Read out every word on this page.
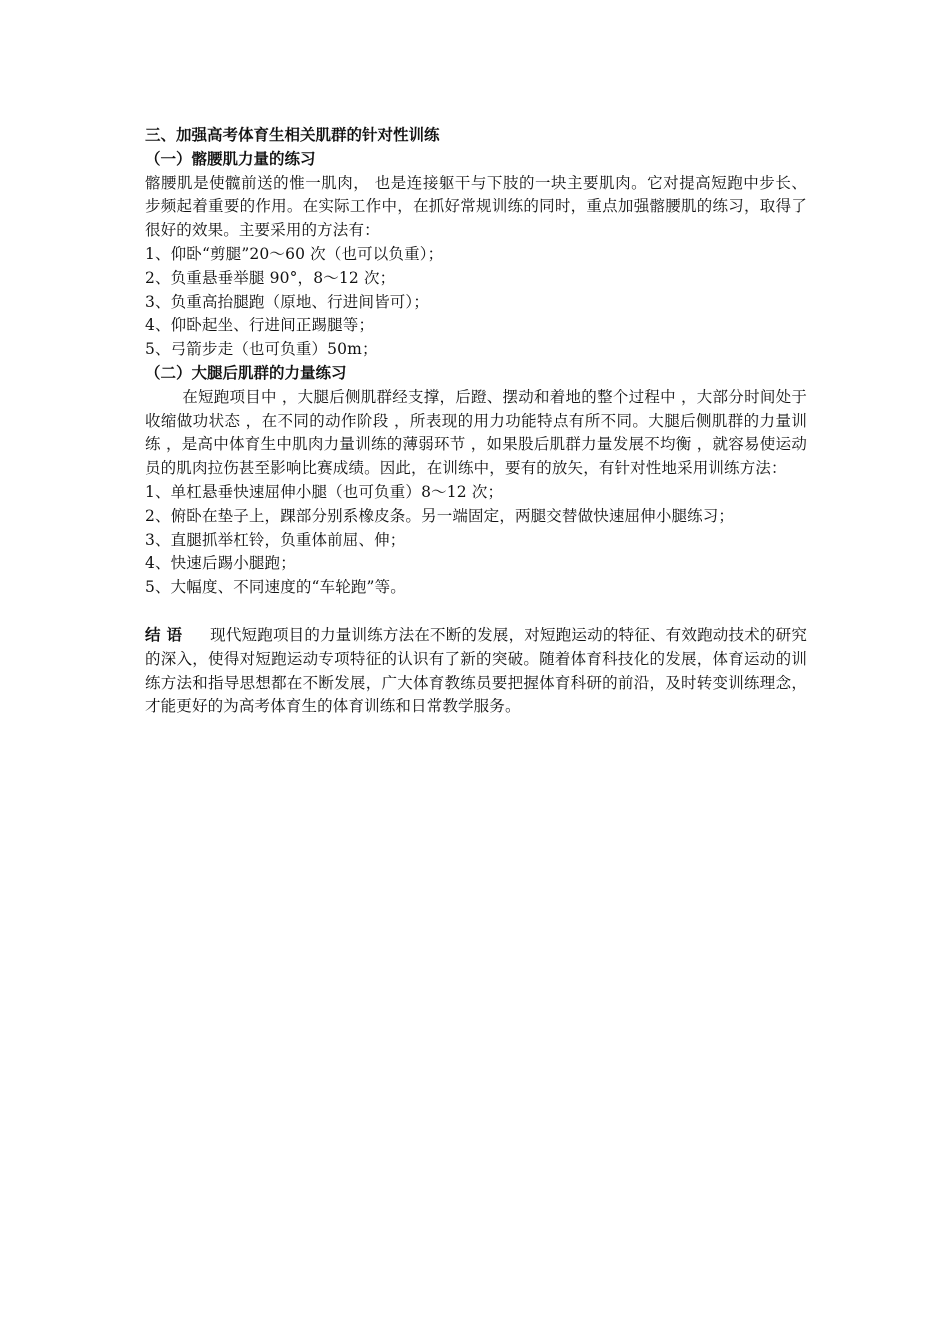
三、加强高考体育生相关肌群的针对性训练
（一）髂腰肌力量的练习
髂腰肌是使髋前送的惟一肌肉， 也是连接躯干与下肢的一块主要肌肉。它对提高短跑中步长、步频起着重要的作用。在实际工作中，在抓好常规训练的同时，重点加强髂腰肌的练习，取得了很好的效果。主要采用的方法有：
1、仰卧“剪腿”20～60 次（也可以负重）；
2、负重悬垂举腿 90°，8～12 次；
3、负重高抬腿跑（原地、行进间皆可）；
4、仰卧起坐、行进间正踢腿等；
5、弓箭步走（也可负重）50m；
（二）大腿后肌群的力量练习
在短跑项目中 ，大腿后侧肌群经支撑，后蹬、摆动和着地的整个过程中 ，大部分时间处于收缩做功状态 ，在不同的动作阶段 ，所表现的用力功能特点有所不同。大腿后侧肌群的力量训练 ，是高中体育生中肌肉力量训练的薄弱环节 ，如果股后肌群力量发展不均衡 ，就容易使运动员的肌肉拉伤甚至影响比赛成绩。因此，在训练中，要有的放矢，有针对性地采用训练方法：
1、单杠悬垂快速屈伸小腿（也可负重）8～12 次；
2、俯卧在垫子上，踝部分别系橡皮条。另一端固定，两腿交替做快速屈伸小腿练习；
3、直腿抓举杠铃，负重体前屈、伸；
4、快速后踢小腿跑；
5、大幅度、不同速度的“车轮跑”等。
结语 现代短跑项目的力量训练方法在不断的发展，对短跑运动的特征、有效跑动技术的研究的深入，使得对短跑运动专项特征的认识有了新的突破。随着体育科技化的发展，体育运动的训练方法和指导思想都在不断发展，广大体育教练员要把握体育科研的前沿，及时转变训练理念，才能更好的为高考体育生的体育训练和日常教学服务。
